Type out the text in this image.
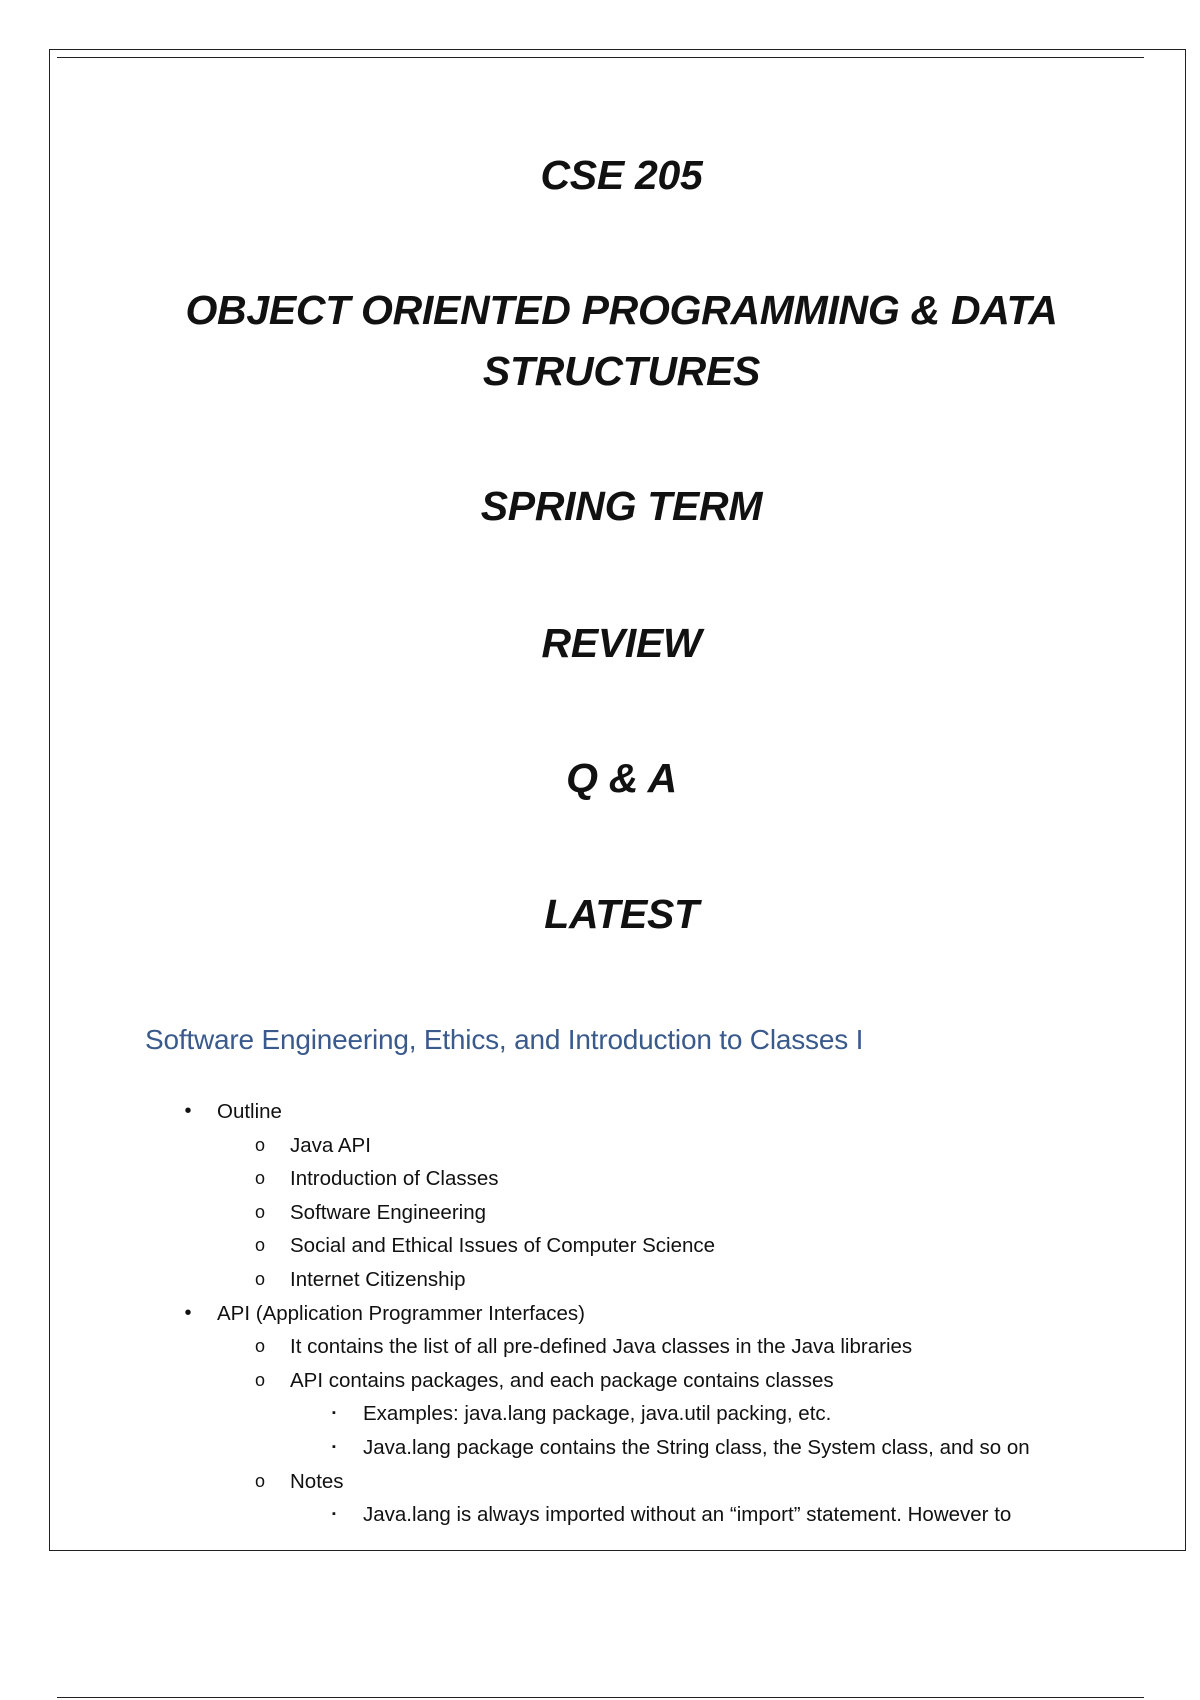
CSE 205
OBJECT ORIENTED PROGRAMMING & DATA
STRUCTURES
SPRING TERM
REVIEW
Q & A
LATEST
Software Engineering, Ethics, and Introduction to Classes I
•	Outline
o Java API
o Introduction of Classes
o Software Engineering
o Social and Ethical Issues of Computer Science
o Internet Citizenship
•	API (Application Programmer Interfaces)
o It contains the list of all pre-defined Java classes in the Java libraries
o API contains packages, and each package contains classes
▪	Examples: java.lang package, java.util packing, etc.
▪	Java.lang package contains the String class, the System class, and so on
o Notes
▪	Java.lang is always imported without an “import” statement. However to
